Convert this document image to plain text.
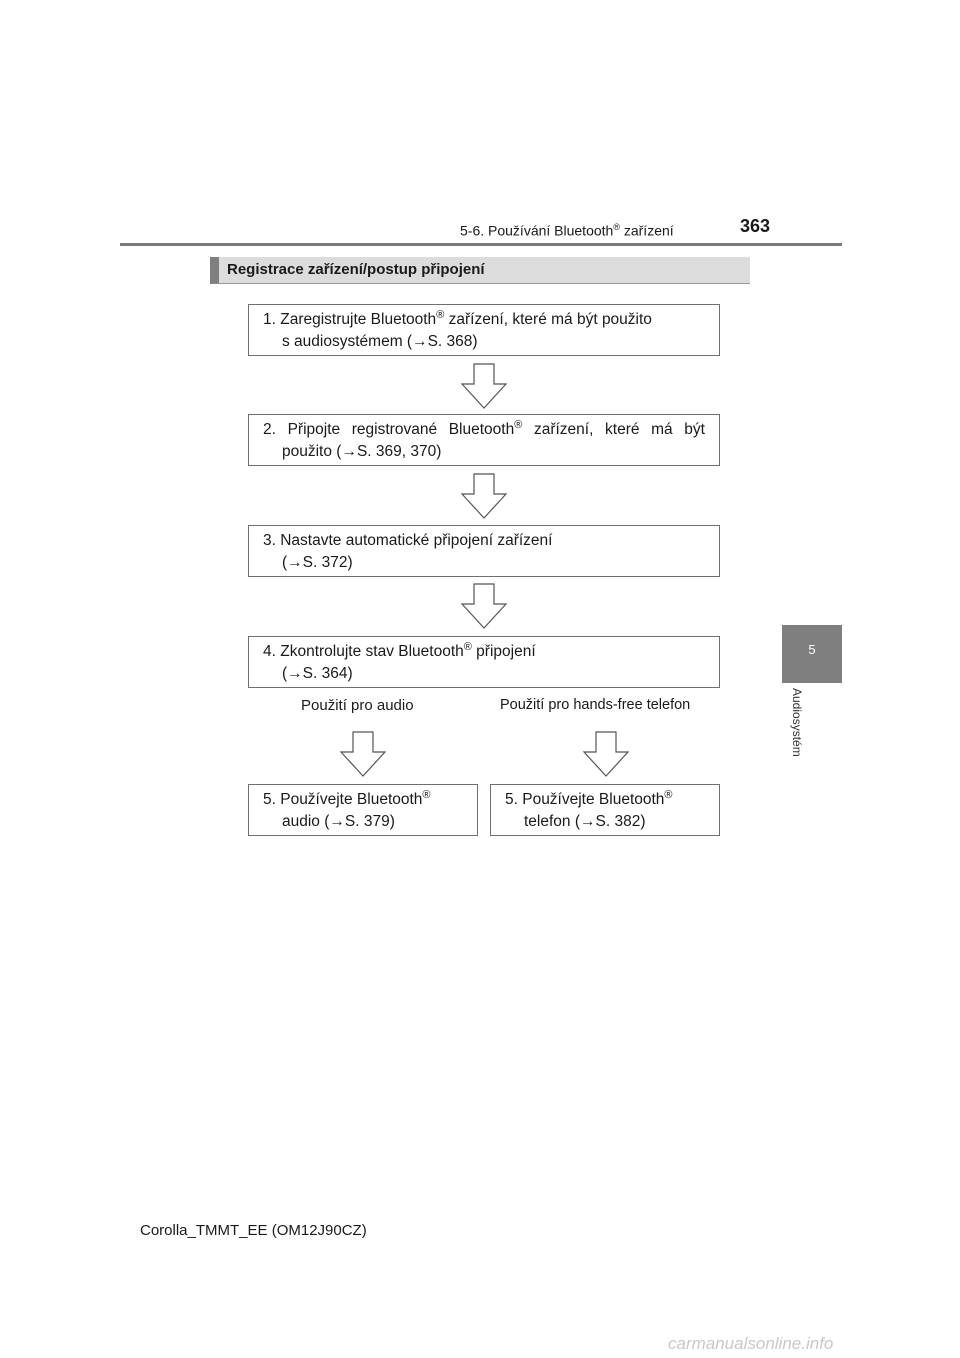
5-6. Používání Bluetooth® zařízení	363
5
Audiosystém
Registrace zařízení/postup připojení
1. Zaregistrujte Bluetooth® zařízení, které má být použito
s audiosystémem (→S. 368)
2. Připojte registrované Bluetooth® zařízení, které má být
použito (→S. 369, 370)
3. Nastavte automatické připojení zařízení
(→S. 372)
4. Zkontrolujte stav Bluetooth® připojení
(→S. 364)
Použití pro audio	Použití pro hands-free telefon
5. Používejte Bluetooth®
audio (→S. 379)
5. Používejte Bluetooth®
telefon (→S. 382)
Corolla_TMMT_EE (OM12J90CZ)
carmanualsonline.info
